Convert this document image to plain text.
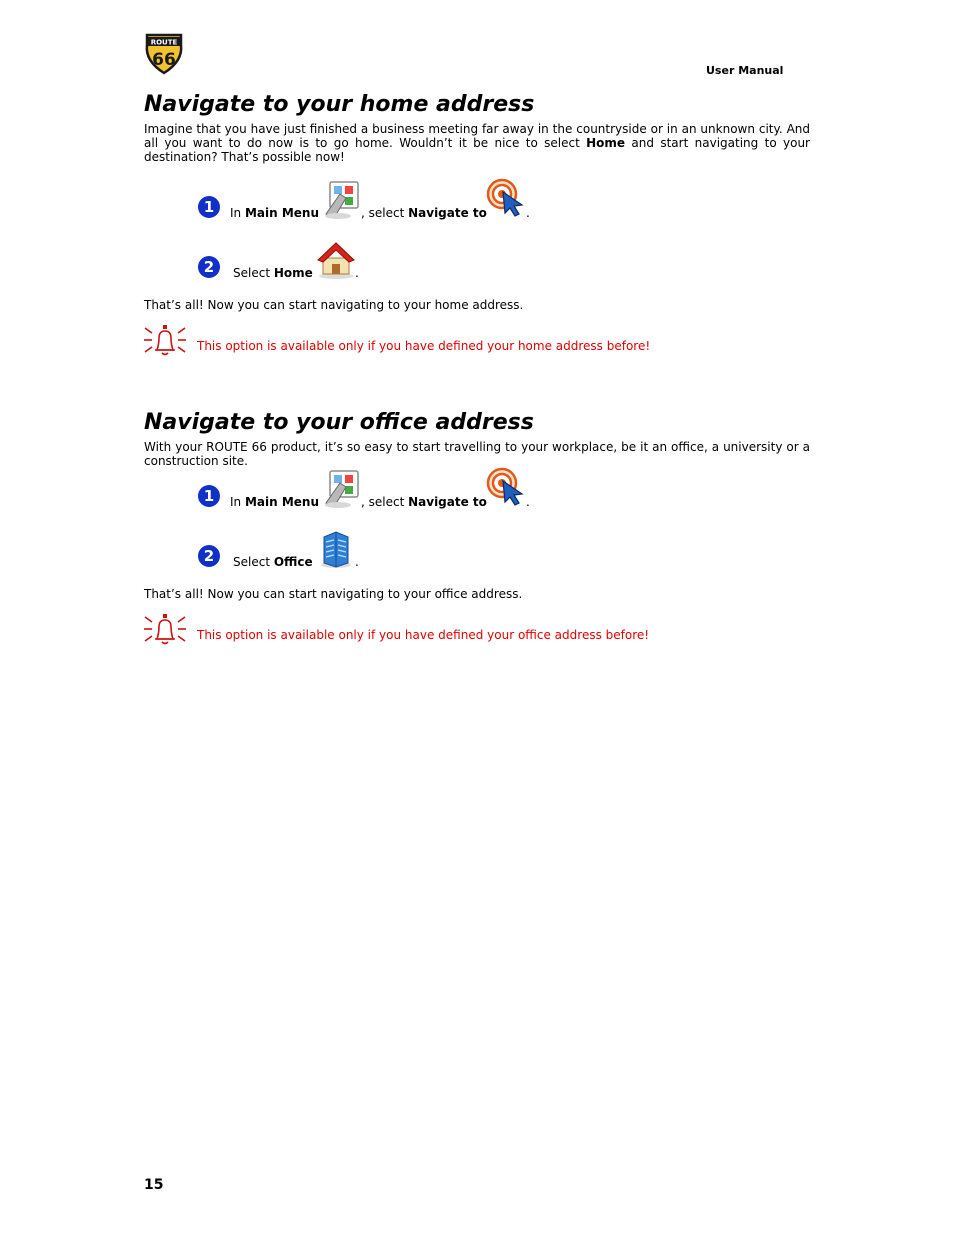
ROUTE
66
User Manual
Navigate to your home address
Imagine that you have just finished a business meeting far away in the countryside or in an unknown city. And all you want to do now is to go home. Wouldn’t it be nice to select Home and start navigating to your destination? That’s possible now!
1	In Main Menu	, select Navigate to	.
2	Select Home	.
That’s all! Now you can start navigating to your home address.
This option is available only if you have defined your home address before!
Navigate to your office address
With your ROUTE 66 product, it’s so easy to start travelling to your workplace, be it an office, a university or a construction site.
1	In Main Menu	, select Navigate to	.
2	Select Office	.
That’s all! Now you can start navigating to your office address.
This option is available only if you have defined your office address before!
15
